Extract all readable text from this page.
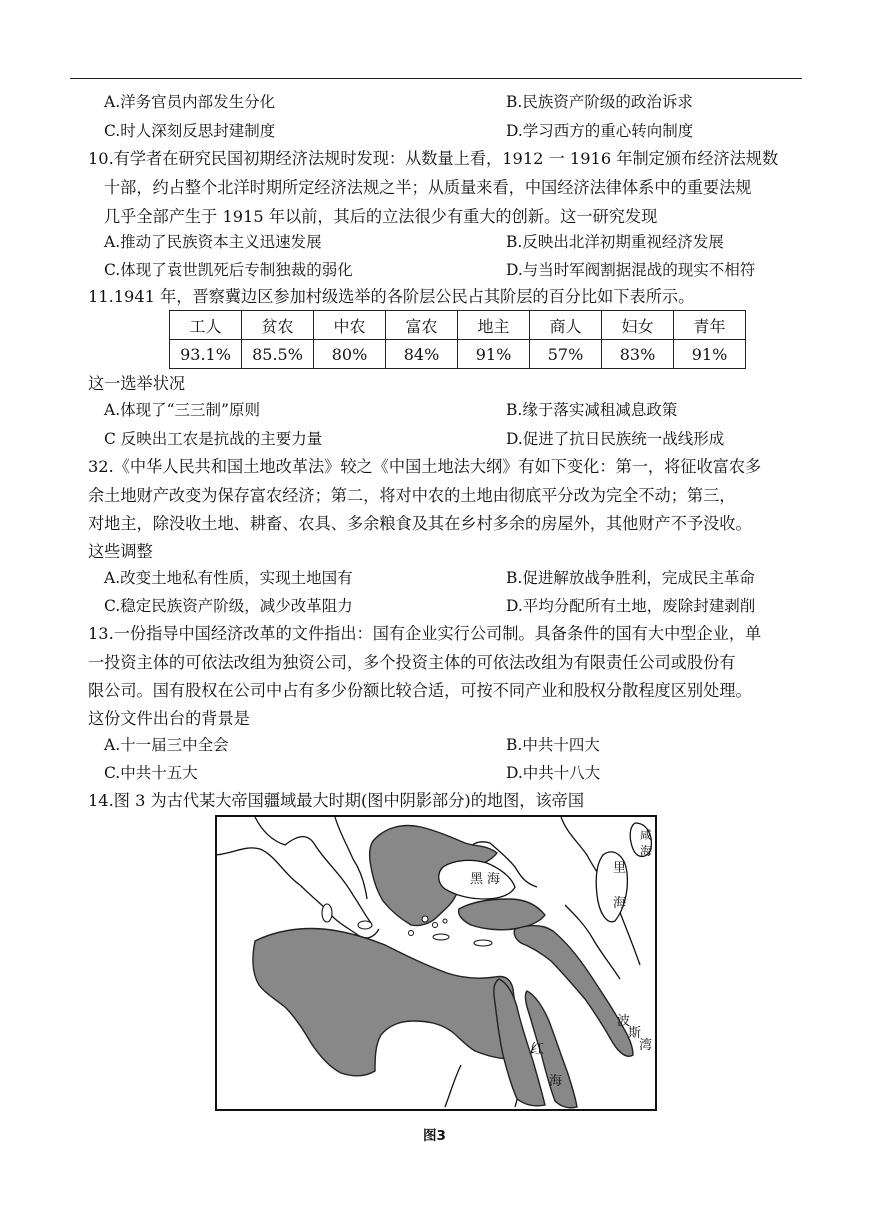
A.洋务官员内部发生分化	B.民族资产阶级的政治诉求
C.时人深刻反思封建制度	D.学习西方的重心转向制度
10.有学者在研究民国初期经济法规时发现：从数量上看，1912 一 1916 年制定颁布经济法规数
十部，约占整个北洋时期所定经济法规之半；从质量来看，中国经济法律体系中的重要法规
几乎全部产生于 1915 年以前，其后的立法很少有重大的创新。这一研究发现
A.推动了民族资本主义迅速发展	B.反映出北洋初期重视经济发展
C.体现了袁世凯死后专制独裁的弱化	D.与当时军阀割据混战的现实不相符
11.1941 年，晋察冀边区参加村级选举的各阶层公民占其阶层的百分比如下表所示。
工人	贫农	中农	富农	地主	商人	妇女	青年
93.1%	85.5%	80%	84%	91%	57%	83%	91%
这一选举状况
A.体现了“三三制”原则	B.缘于落实减租减息政策
C 反映出工农是抗战的主要力量	D.促进了抗日民族统一战线形成
32.《中华人民共和国土地改革法》较之《中国土地法大纲》有如下变化：第一，将征收富农多
余土地财产改变为保存富农经济；第二，将对中农的土地由彻底平分改为完全不动；第三，
对地主，除没收土地、耕畜、农具、多余粮食及其在乡村多余的房屋外，其他财产不予没收。
这些调整
A.改变土地私有性质，实现土地国有	B.促进解放战争胜利，完成民主革命
C.稳定民族资产阶级，减少改革阻力	D.平均分配所有土地，废除封建剥削
13.一份指导中国经济改革的文件指出：国有企业实行公司制。具备条件的国有大中型企业，单
一投资主体的可依法改组为独资公司，多个投资主体的可依法改组为有限责任公司或股份有
限公司。国有股权在公司中占有多少份额比较合适，可按不同产业和股权分散程度区别处理。
这份文件出台的背景是
A.十一届三中全会	B.中共十四大
C.中共十五大	D.中共十八大
14.图 3 为古代某大帝国疆域最大时期(图中阴影部分)的地图，该帝国
黑 海
里
海
咸
海
波
斯
湾
红
海
图3
